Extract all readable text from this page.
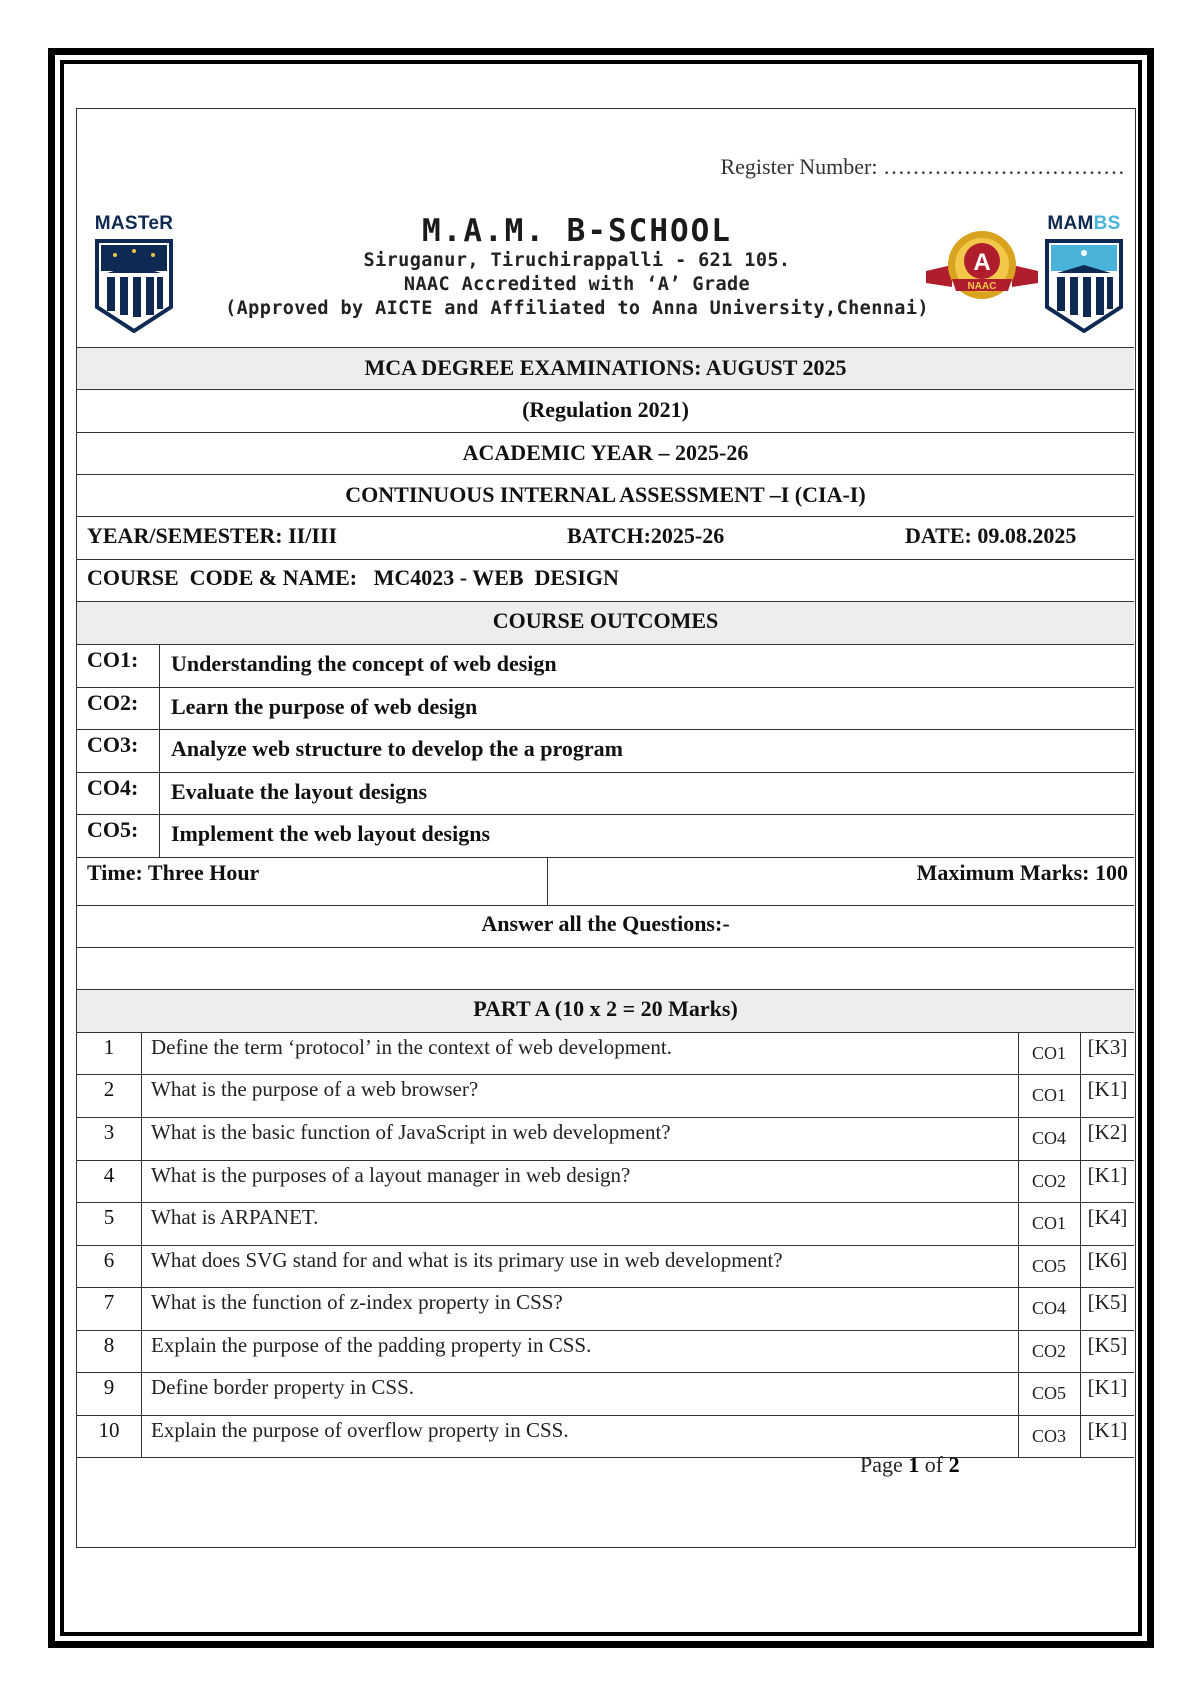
Register Number: ……………………………
MASTeR	M.A.M. B-SCHOOL
Siruganur, Tiruchirappalli - 621 105.
NAAC Accredited with ‘A’ Grade
(Approved by AICTE and Affiliated to Anna University,Chennai)
A
NAAC
MAMBS
MCA DEGREE EXAMINATIONS: AUGUST 2025
(Regulation 2021)
ACADEMIC YEAR – 2025-26
CONTINUOUS INTERNAL ASSESSMENT –I (CIA-I)
YEAR/SEMESTER: II/III	BATCH:2025-26	DATE: 09.08.2025
COURSE  CODE & NAME:   MC4023 - WEB  DESIGN
COURSE OUTCOMES
CO1: Understanding the concept of web design
CO2: Learn the purpose of web design
CO3: Analyze web structure to develop the a program
CO4: Evaluate the layout designs
CO5: Implement the web layout designs
Time: Three Hour	Maximum Marks: 100
Answer all the Questions:-
PART A (10 x 2 = 20 Marks)
1	Define the term ‘protocol’ in the context of web development.	CO1	[K3]
2	What is the purpose of a web browser?	CO1	[K1]
3	What is the basic function of JavaScript in web development?	CO4	[K2]
4	What is the purposes of a layout manager in web design?	CO2	[K1]
5	What is ARPANET.	CO1	[K4]
6	What does SVG stand for and what is its primary use in web development?	CO5	[K6]
7	What is the function of z-index property in CSS?	CO4	[K5]
8	Explain the purpose of the padding property in CSS.	CO2	[K5]
9	Define border property in CSS.	CO5	[K1]
10	Explain the purpose of overflow property in CSS.	CO3	[K1]
Page 1 of 2
